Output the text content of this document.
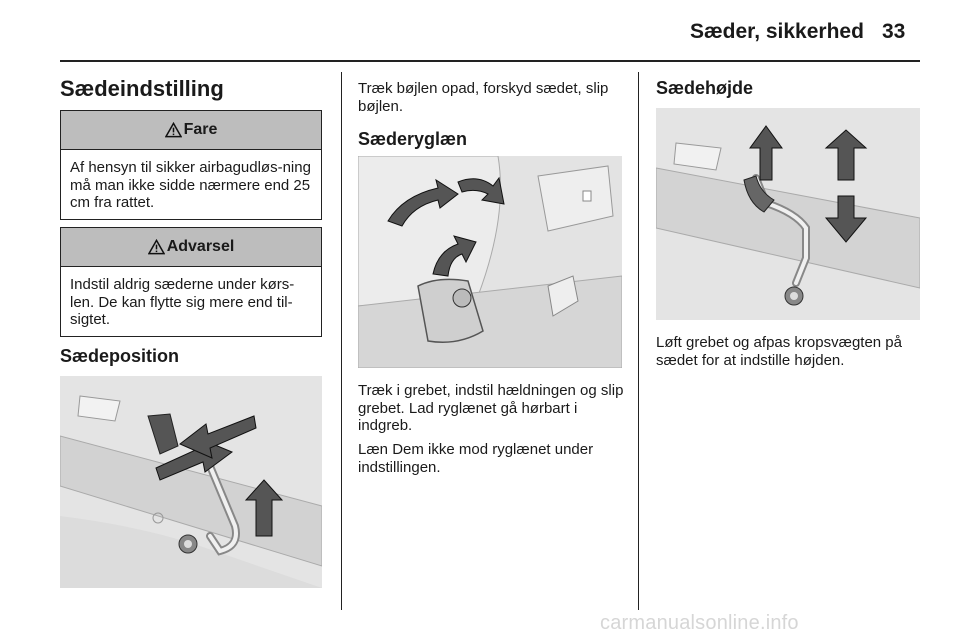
Sæder, sikkerhed 33
Sædeindstilling
Fare
Af hensyn til sikker airbagudløs-ning må man ikke sidde nærmere end 25 cm fra rattet.
Advarsel
Indstil aldrig sæderne under kørs-len. De kan flytte sig mere end til-sigtet.
Sædeposition
Træk bøjlen opad, forskyd sædet, slip bøjlen.
Sæderyglæn
Træk i grebet, indstil hældningen og slip grebet. Lad ryglænet gå hørbart i indgreb.
Læn Dem ikke mod ryglænet under indstillingen.
Sædehøjde
Løft grebet og afpas kropsvægten på sædet for at indstille højden.
carmanualsonline.info
